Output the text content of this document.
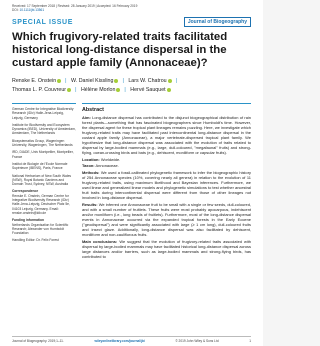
Received: 17 September 2018 | Revised: 28 January 2019 | Accepted: 16 February 2019
DOI: 10.1111/jbi.13561
SPECIAL ISSUE	Journal of Biogeography
Which frugivory-related traits facilitated historical long-distance dispersal in the custard apple family (Annonaceae)?
Renske E. Onstein | W. Daniel Kissling | Lars W. Chatrou |
Thomas L. P. Couvreur | Hélène Morlon | Hervé Sauquet
German Centre for Integrative Biodiversity Research (iDiv) Halle-Jena-Leipzig, Leipzig, Germany
Institute for Biodiversity and Ecosystem Dynamics (IBED), University of Amsterdam, Amsterdam, The Netherlands
Biosystematics Group, Wageningen University, Wageningen, The Netherlands
IRD, DIADE, Univ Montpellier, Montpellier, France
Institut de Biologie de l'Ecole Normale Supérieure (IBENS), Paris, France
National Herbarium of New South Wales (NSW), Royal Botanic Gardens and Domain Trust, Sydney, NSW, Australia
Correspondence
Renske E. Onstein, German Centre for Integrative Biodiversity Research (iDiv) Halle-Jena-Leipzig, Deutscher Platz 5e, 04103 Leipzig, Germany. Email: renske.onstein@idiv.de
Funding information
Netherlands Organisation for Scientific Research; Alexander von Humboldt Foundation
Handling Editor: Dr. Felix Forest
Abstract

Aim: Long-distance dispersal has contributed to the disjunct biogeographical distribution of rain forest plants—something that has fascinated biogeographers since Humboldt's time. However, the dispersal agent for these tropical plant lineages remains puzzling. Here, we investigate which frugivory-related traits may have facilitated past intercontinental long-distance dispersal in the custard apple family (Annonaceae), a major vertebrate-dispersed tropical plant family. We hypothesize that long-distance dispersal was associated with the evolution of traits related to dispersal by large-bodied mammals (e.g., large, dull-coloured, "megafaunal" fruits) and strong-flying, ocean-crossing birds and bats (e.g., dehiscent, moniliform or capsular fruits).

Location: Worldwide.

Taxon: Annonaceae.

Methods: We used a fossil-calibrated phylogenetic framework to infer the biogeographic history of 254 Annonaceae species (10%, covering nearly all genera) in relation to the evolution of 11 frugivory-related traits, using maximum likelihood and Bayesian inferences. Furthermore, we used linear and generalized linear models and phylogenetic simulations to test whether ancestral fruit traits during intercontinental dispersal were different from those of other lineages not involved in long-distance dispersal.

Results: We inferred one Annonaceae fruit to be small with a single or few seeds, dull-coloured, and with a small number of fruitlets. These fruits were most probably apocarpous, indehiscent and/or moniliform (i.e., long beads of fruitlets). Furthermore, most of the long-distance dispersal events in Annonaceae occurred via the expanded tropical forests in the Early Eocene ("geodispersal") and were significantly associated with large (≥ 1 cm long), dull-coloured fruits and insect glaze. Additionally, long-distance dispersal was also facilitated by dehiscent, moniliform and non-cauliflorous fruits.

Main conclusions: We suggest that the evolution of frugivory-related traits associated with dispersal by large-bodied mammals may have facilitated historical long-distance dispersal across large distances and/or barriers, such as large-bodied mammals and strong-flying birds, has contributed to

Journal of Biogeography. 2019;1–11.	wileyonlinelibrary.com/journal/jbi	© 2019 John Wiley & Sons Ltd	1
